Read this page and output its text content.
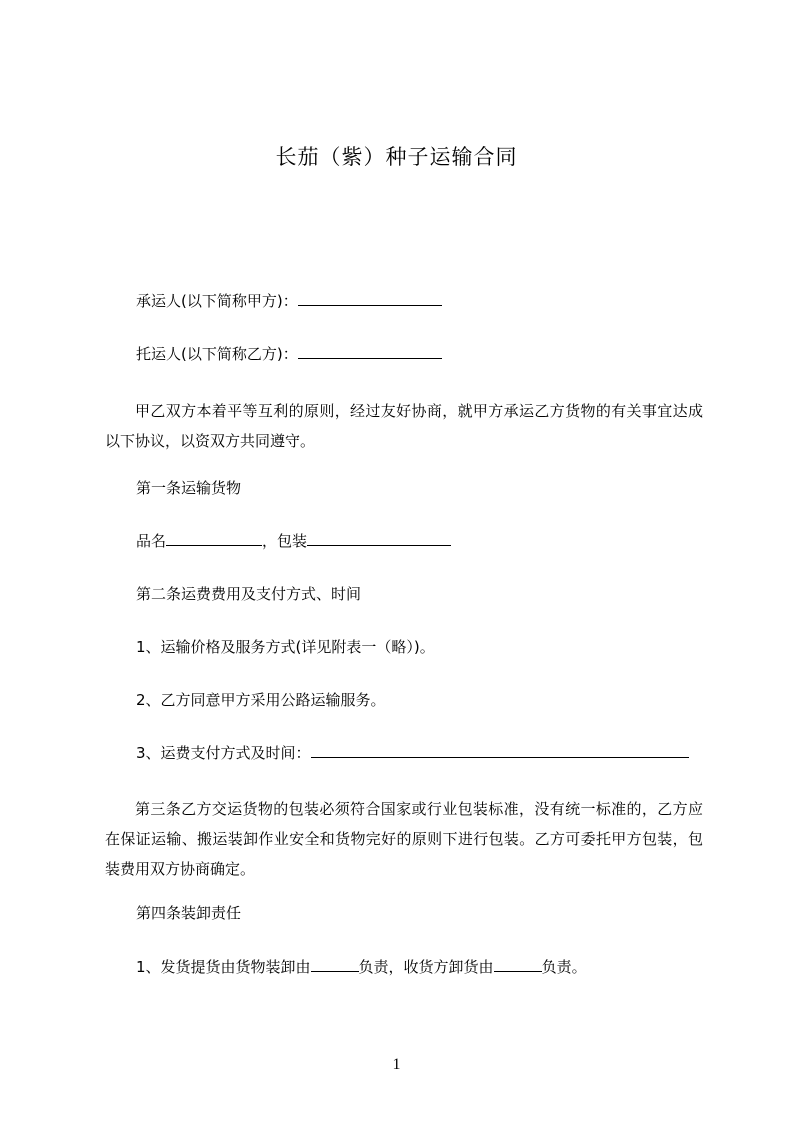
长茄（紫）种子运输合同
承运人(以下简称甲方)：
托运人(以下简称乙方)：
甲乙双方本着平等互利的原则，经过友好协商，就甲方承运乙方货物的有关事宜达成以下协议，以资双方共同遵守。
第一条运输货物
品名	，包装
第二条运费费用及支付方式、时间
1、运输价格及服务方式(详见附表一（略）)。
2、乙方同意甲方采用公路运输服务。
3、运费支付方式及时间：
第三条乙方交运货物的包装必须符合国家或行业包装标准，没有统一标准的，乙方应在保证运输、搬运装卸作业安全和货物完好的原则下进行包装。乙方可委托甲方包装，包装费用双方协商确定。
第四条装卸责任
1、发货提货由货物装卸由	负责，收货方卸货由	负责。
1
